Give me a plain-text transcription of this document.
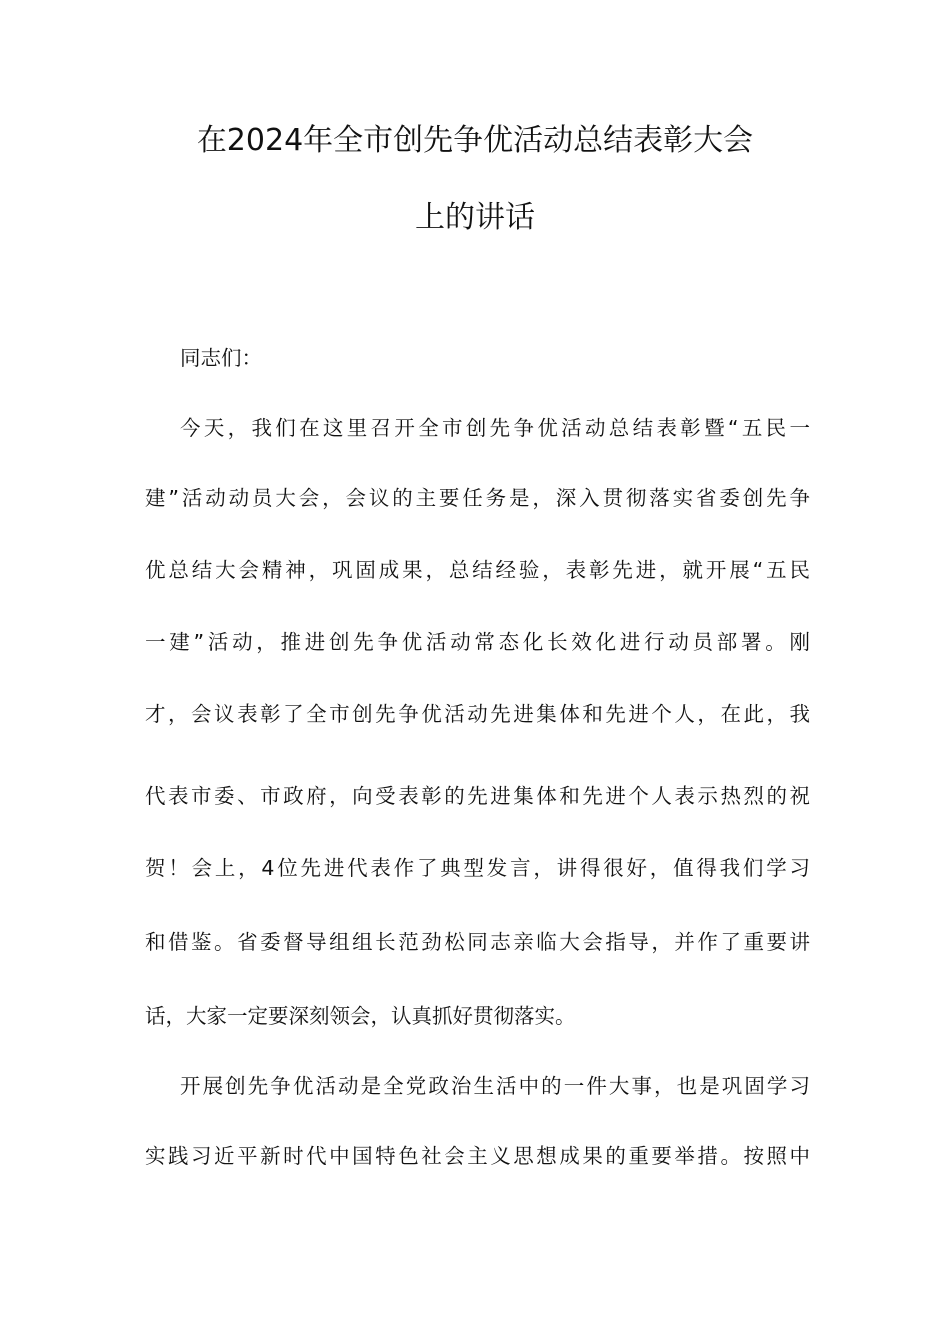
在2024年全市创先争优活动总结表彰大会
上的讲话
同志们：
今天，我们在这里召开全市创先争优活动总结表彰暨“五民一
建”活动动员大会，会议的主要任务是，深入贯彻落实省委创先争
优总结大会精神，巩固成果，总结经验，表彰先进，就开展“五民
一建”活动，推进创先争优活动常态化长效化进行动员部署。刚
才，会议表彰了全市创先争优活动先进集体和先进个人，在此，我
代表市委、市政府，向受表彰的先进集体和先进个人表示热烈的祝
贺！会上，4位先进代表作了典型发言，讲得很好，值得我们学习
和借鉴。省委督导组组长范劲松同志亲临大会指导，并作了重要讲
话，大家一定要深刻领会，认真抓好贯彻落实。
开展创先争优活动是全党政治生活中的一件大事，也是巩固学习
实践习近平新时代中国特色社会主义思想成果的重要举措。按照中
